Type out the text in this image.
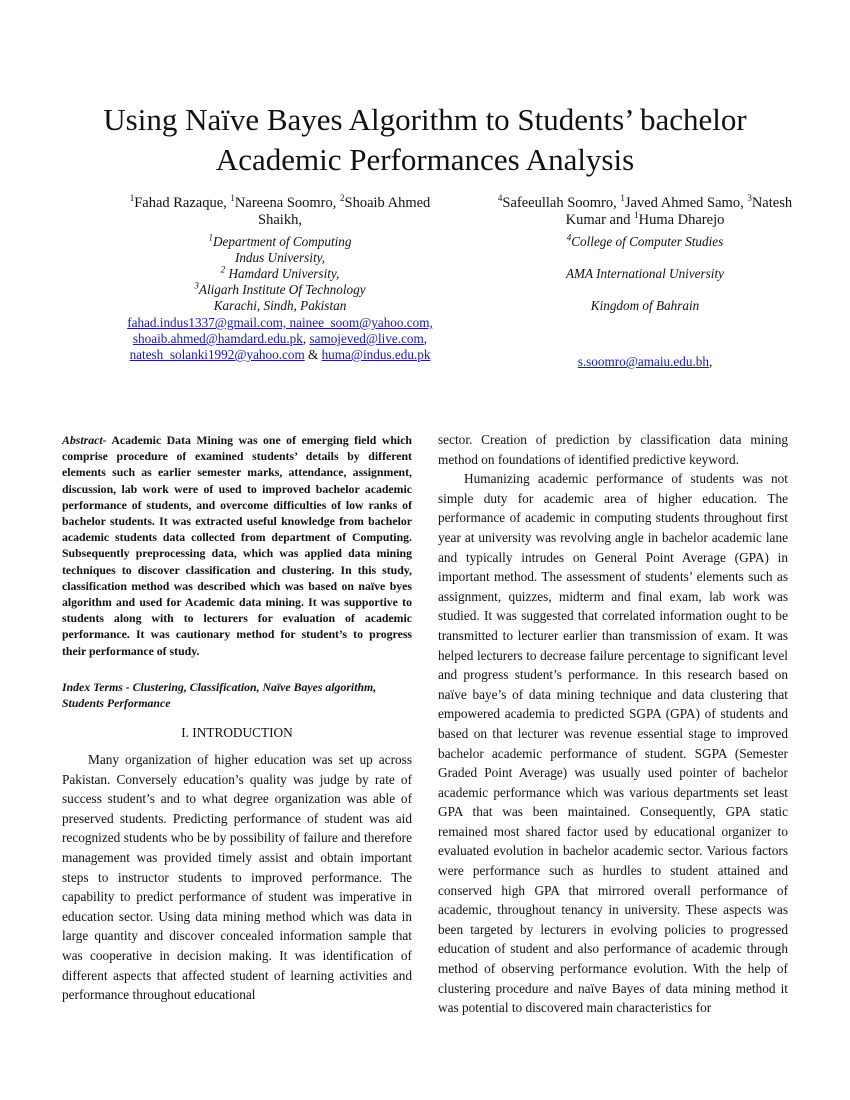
Using Naïve Bayes Algorithm to Students’ bachelor
Academic Performances Analysis
$^1$Fahad Razaque, $^1$Nareena Soomro, $^2$Shoaib Ahmed
Shaikh,
$^4$Safeeullah Soomro, $^1$Javed Ahmed Samo, $^3$Natesh
Kumar and $^1$Huma Dharejo
$^1$Department of Computing
Indus University,
$^2$ Hamdard University,
$^3$Aligarh Institute Of Technology
Karachi, Sindh, Pakistan
fahad.indus1337@gmail.com, nainee_soom@yahoo.com,
shoaib.ahmed@hamdard.edu.pk, samojeved@live.com,
natesh_solanki1992@yahoo.com & huma@indus.edu.pk
$^4$College of Computer Studies
AMA International University
Kingdom of Bahrain
s.soomro@amaiu.edu.bh,
Abstract- Academic Data Mining was one of emerging field which comprise procedure of examined students’ details by different elements such as earlier semester marks, attendance, assignment, discussion, lab work were of used to improved bachelor academic performance of students, and overcome difficulties of low ranks of bachelor students. It was extracted useful knowledge from bachelor academic students data collected from department of Computing. Subsequently preprocessing data, which was applied data mining techniques to discover classification and clustering. In this study, classification method was described which was based on naïve byes algorithm and used for Academic data mining. It was supportive to students along with to lecturers for evaluation of academic performance. It was cautionary method for student’s to progress their performance of study.
Index Terms - Clustering, Classification, Naïve Bayes algorithm, Students Performance
I. INTRODUCTION

Many organization of higher education was set up across Pakistan. Conversely education’s quality was judge by rate of success student’s and to what degree organization was able of preserved students. Predicting performance of student was aid recognized students who be by possibility of failure and therefore management was provided timely assist and obtain important steps to instructor students to improved performance. The capability to predict performance of student was imperative in education sector. Using data mining method which was data in large quantity and discover concealed information sample that was cooperative in decision making. It was identification of different aspects that affected student of learning activities and performance throughout educational

sector. Creation of prediction by classification data mining method on foundations of identified predictive keyword.

Humanizing academic performance of students was not simple duty for academic area of higher education. The performance of academic in computing students throughout first year at university was revolving angle in bachelor academic lane and typically intrudes on General Point Average (GPA) in important method. The assessment of students’ elements such as assignment, quizzes, midterm and final exam, lab work was studied. It was suggested that correlated information ought to be transmitted to lecturer earlier than transmission of exam. It was helped lecturers to decrease failure percentage to significant level and progress student’s performance. In this research based on naïve baye’s of data mining technique and data clustering that empowered academia to predicted SGPA (GPA) of students and based on that lecturer was revenue essential stage to improved bachelor academic performance of student. SGPA (Semester Graded Point Average) was usually used pointer of bachelor academic performance which was various departments set least GPA that was been maintained. Consequently, GPA static remained most shared factor used by educational organizer to evaluated evolution in bachelor academic sector. Various factors were performance such as hurdles to student attained and conserved high GPA that mirrored overall performance of academic, throughout tenancy in university. These aspects was been targeted by lecturers in evolving policies to progressed education of student and also performance of academic through method of observing performance evolution. With the help of clustering procedure and naïve Bayes of data mining method it was potential to discovered main characteristics for
